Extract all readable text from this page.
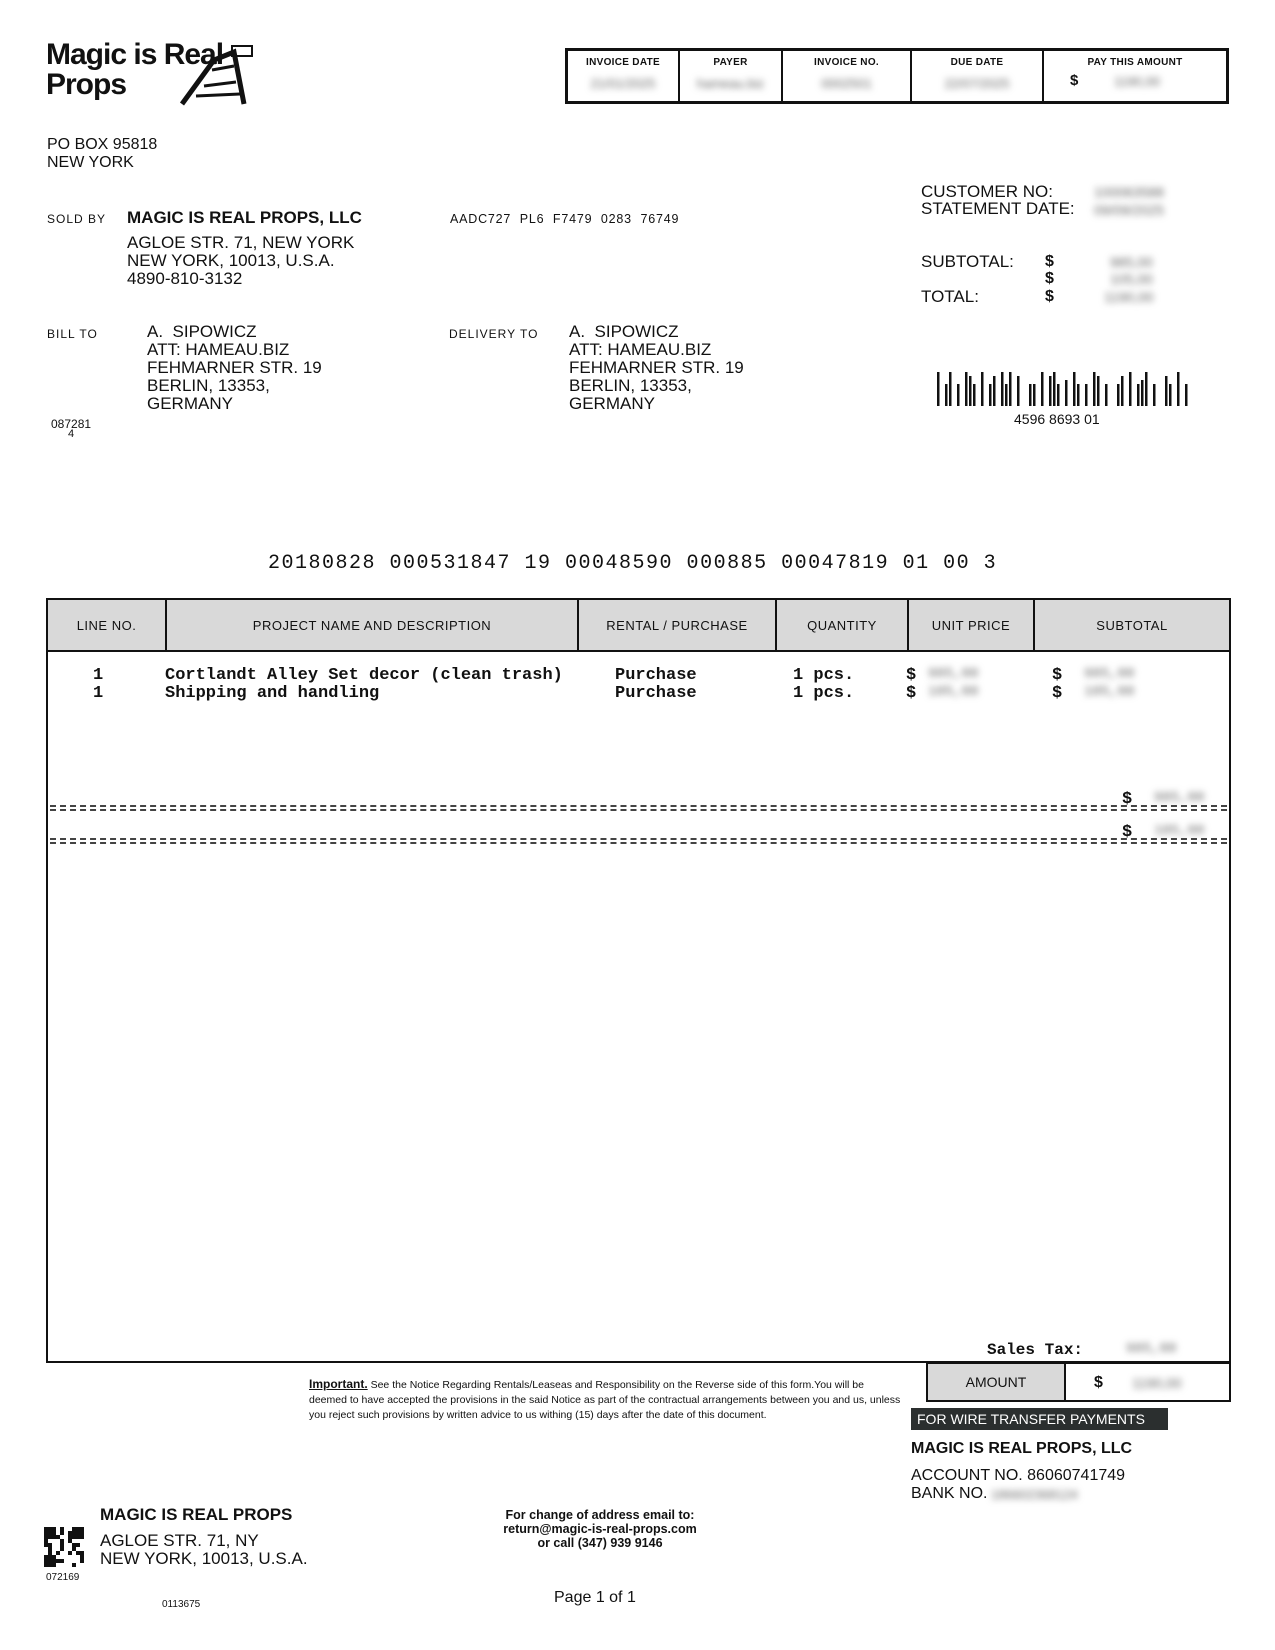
Magic is Real
Props
INVOICE DATE
21/01/2025
PAYER
hameau.biz
INVOICE NO.
0002501
DUE DATE
22/07/2025
PAY THIS AMOUNT
$	1190,00
PO BOX 95818
NEW YORK
SOLD BY MAGIC IS REAL PROPS, LLC
AGLOE STR. 71, NEW YORK
NEW YORK, 10013, U.S.A.
4890-810-3132
AADC727  PL6  F7479  0283  76749
CUSTOMER NO:	100063588
STATEMENT DATE: 09/09/2025
SUBTOTAL: $	985,00
$	105,00
TOTAL:	$	1190,00
BILL TO	A.  SIPOWICZ
ATT: HAMEAU.BIZ
FEHMARNER STR. 19
BERLIN, 13353,
GERMANY
087281
4
DELIVERY TO A.  SIPOWICZ
ATT: HAMEAU.BIZ
FEHMARNER STR. 19
BERLIN, 13353,
GERMANY
4596 8693 01
20180828 000531847 19 00048590 000885 00047819 01 00 3
LINE NO.	PROJECT NAME AND DESCRIPTION	RENTAL / PURCHASE	QUANTITY	UNIT PRICE	SUBTOTAL
1	Cortlandt Alley Set decor (clean trash)	Purchase	1 pcs.	$ 985,00	$ 985,00
1	Shipping and handling	Purchase	1 pcs.	$ 105,00	$ 105,00
$ 985,00
$ 105,00
Sales Tax:	985,00
Important. See the Notice Regarding Rentals/Leaseas and Responsibility on the Reverse side of this form.You will be deemed to have accepted the provisions in the said Notice as part of the contractual arrangements between you and us, unless you reject such provisions by written advice to us withing (15) days after the date of this document.
AMOUNT	$ 1190,00
FOR WIRE TRANSFER PAYMENTS
MAGIC IS REAL PROPS, LLC
ACCOUNT NO. 86060741749
BANK NO. 186602368124
MAGIC IS REAL PROPS
AGLOE STR. 71, NY
NEW YORK, 10013, U.S.A.
072169
0113675
For change of address email to:
return@magic-is-real-props.com
or call (347) 939 9146
Page 1 of 1
